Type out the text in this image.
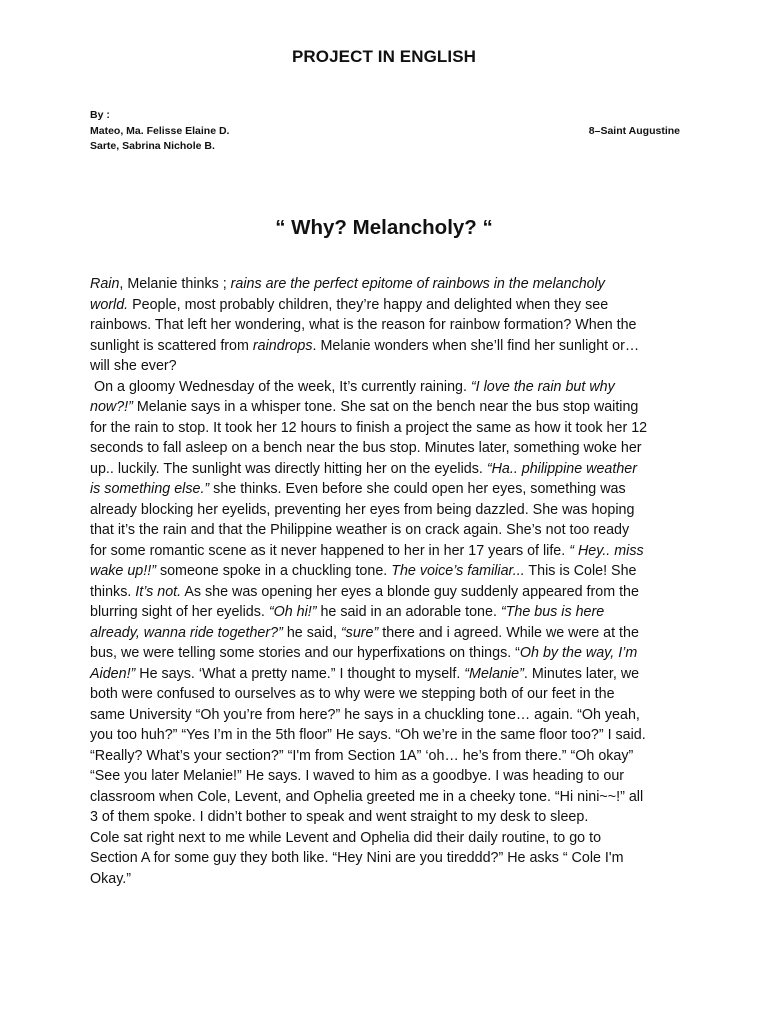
PROJECT IN ENGLISH
By :
Mateo, Ma. Felisse Elaine D.	8–Saint Augustine
Sarte, Sabrina Nichole B.
“ Why? Melancholy? “
Rain, Melanie thinks ; rains are the perfect epitome of rainbows in the melancholy
world. People, most probably children, they’re happy and delighted when they see
rainbows. That left her wondering, what is the reason for rainbow formation? When the
sunlight is scattered from raindrops. Melanie wonders when she’ll find her sunlight or…
will she ever?
On a gloomy Wednesday of the week, It’s currently raining. “I love the rain but why
now?!” Melanie says in a whisper tone. She sat on the bench near the bus stop waiting
for the rain to stop. It took her 12 hours to finish a project the same as how it took her 12
seconds to fall asleep on a bench near the bus stop. Minutes later, something woke her
up.. luckily. The sunlight was directly hitting her on the eyelids. “Ha.. philippine weather
is something else.” she thinks. Even before she could open her eyes, something was
already blocking her eyelids, preventing her eyes from being dazzled. She was hoping
that it’s the rain and that the Philippine weather is on crack again. She’s not too ready
for some romantic scene as it never happened to her in her 17 years of life. “ Hey.. miss
wake up!!” someone spoke in a chuckling tone. The voice’s familiar... This is Cole! She
thinks. It’s not. As she was opening her eyes a blonde guy suddenly appeared from the
blurring sight of her eyelids. “Oh hi!” he said in an adorable tone. “The bus is here
already, wanna ride together?” he said, “sure” there and i agreed. While we were at the
bus, we were telling some stories and our hyperfixations on things. “Oh by the way, I’m
Aiden!” He says. ‘What a pretty name.” I thought to myself. “Melanie”. Minutes later, we
both were confused to ourselves as to why were we stepping both of our feet in the
same University “Oh you’re from here?” he says in a chuckling tone… again. “Oh yeah,
you too huh?” “Yes I’m in the 5th floor” He says. “Oh we’re in the same floor too?” I said.
“Really? What’s your section?” “I'm from Section 1A” ‘oh… he’s from there.” “Oh okay”
“See you later Melanie!” He says. I waved to him as a goodbye. I was heading to our
classroom when Cole, Levent, and Ophelia greeted me in a cheeky tone. “Hi nini~~!” all
3 of them spoke. I didn’t bother to speak and went straight to my desk to sleep.
Cole sat right next to me while Levent and Ophelia did their daily routine, to go to
Section A for some guy they both like. “Hey Nini are you tireddd?” He asks “ Cole I'm
Okay.”
